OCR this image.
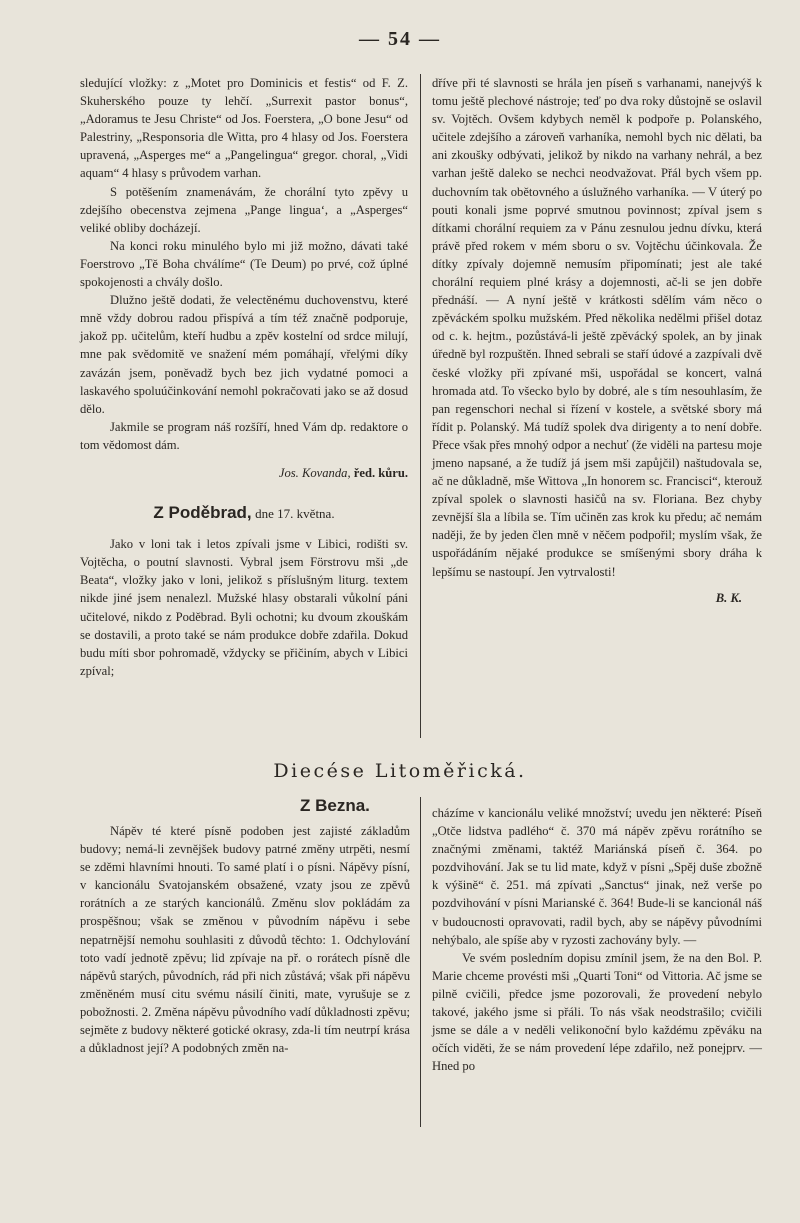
— 54 —

sledující vložky: z „Motet pro Dominicis et festis“ od F. Z. Skuherského pouze ty lehčí. „Surrexit pastor bonus“, „Adoramus te Jesu Christe“ od Jos. Foerstera, „O bone Jesu“ od Palestriny, „Responsoria dle Witta, pro 4 hlasy od Jos. Foerstera upravená, „Asperges me“ a „Pangelingua“ gregor. choral, „Vidi aquam“ 4 hlasy s průvodem varhan.

S potěšením znamenávám, že chorální tyto zpěvy u zdejšího obecenstva zejmena „Pange lingua‘, a „Asperges“ veliké obliby docházejí.

Na konci roku minulého bylo mi již možno, dávati také Foerstrovo „Tě Boha chválíme“ (Te Deum) po prvé, což úplné spokojenosti a chvály došlo.

Dlužno ještě dodati, že velectěnému duchovenstvu, které mně vždy dobrou radou přispívá a tím též značně podporuje, jakož pp. učitelům, kteří hudbu a zpěv kostelní od srdce milují, mne pak svědomitě ve snažení mém pomáhají, vřelými díky zavázán jsem, poněvadž bych bez jich vydatné pomoci a laskavého spoluúčinkování nemohl pokračovati jako se až dosud dělo.

Jakmile se program náš rozšíří, hned Vám dp. redaktore o tom vědomost dám.

Jos. Kovanda, řed. kůru.

Z Poděbrad, dne 17. května.

Jako v loni tak i letos zpívali jsme v Libici, rodišti sv. Vojtěcha, o poutní slavnosti. Vybral jsem Förstrovu mši „de Beata“, vložky jako v loni, jelikož s příslušným liturg. textem nikde jiné jsem nenalezl. Mužské hlasy obstarali vůkolní páni učitelové, nikdo z Poděbrad. Byli ochotni; ku dvoum zkouškám se dostavili, a proto také se nám produkce dobře zdařila. Dokud budu míti sbor pohromadě, vždycky se přičiním, abych v Libici zpíval;

dříve při té slavnosti se hrála jen píseň s varhanami, nanejvýš k tomu ještě plechové nástroje; teď po dva roky důstojně se oslavil sv. Vojtěch. Ovšem kdybych neměl k podpoře p. Polanského, učitele zdejšího a zároveň varhaníka, nemohl bych nic dělati, ba ani zkoušky odbývati, jelikož by nikdo na varhany nehrál, a bez varhan ještě daleko se nechci neodvažovat. Přál bych všem pp. duchovním tak obětovného a úslužného varhaníka. — V úterý po pouti konali jsme poprvé smutnou povinnost; zpíval jsem s dítkami chorální requiem za v Pánu zesnulou jednu dívku, která právě před rokem v mém sboru o sv. Vojtěchu účinkovala. Že dítky zpívaly dojemně nemusím připomínati; jest ale také chorální requiem plné krásy a dojemnosti, ač-li se jen dobře přednáší. — A nyní ještě v krátkosti sdělím vám něco o zpěváckém spolku mužském. Před několika nedělmi přišel dotaz od c. k. hejtm., pozůstává-li ještě zpěvácký spolek, an by jinak úředně byl rozpuštěn. Ihned sebrali se staří údové a zazpívali dvě české vložky při zpívané mši, uspořádal se koncert, valná hromada atd. To všecko bylo by dobré, ale s tím nesouhlasím, že pan regenschori nechal si řízení v kostele, a světské sbory má řídit p. Polanský. Má tudíž spolek dva dirigenty a to není dobře. Přece však přes mnohý odpor a nechuť (že viděli na partesu moje jmeno napsané, a že tudíž já jsem mši zapůjčil) naštudovala se, ač ne důkladně, mše Wittova „In honorem sc. Francisci“, kterouž zpíval spolek o slavnosti hasičů na sv. Floriana. Bez chyby zevnější šla a líbila se. Tím učiněn zas krok ku předu; ač nemám naději, že by jeden člen mně v něčem podpořil; myslím však, že uspořádáním nějaké produkce se smíšenými sbory dráha k lepšímu se nastoupí. Jen vytrvalosti!

B. K.

Diecése Litoměřická.
Z Bezna.

Nápěv té které písně podoben jest zajisté základům budovy; nemá-li zevnějšek budovy patrné změny utrpěti, nesmí se zděmi hlavními hnouti. To samé platí i o písni. Nápěvy písní, v kancionálu Svatojanském obsažené, vzaty jsou ze zpěvů rorátních a ze starých kancionálů. Změnu slov pokládám za prospěšnou; však se změnou v původním nápěvu i sebe nepatrnější nemohu souhlasiti z důvodů těchto: 1. Odchylování toto vadí jednotě zpěvu; lid zpívaje na př. o rorátech písně dle nápěvů starých, původních, rád při nich zůstává; však při nápěvu změněném musí citu svému násilí činiti, mate, vyrušuje se z pobožnosti. 2. Změna nápěvu původního vadí důkladnosti zpěvu; sejměte z budovy některé gotické okrasy, zda-li tím neutrpí krása a důkladnost její? A podobných změn na-

cházíme v kancionálu veliké množství; uvedu jen některé: Píseň „Otče lidstva padlého“ č. 370 má nápěv zpěvu rorátního se značnými změnami, taktéž Mariánská píseň č. 364. po pozdvihování. Jak se tu lid mate, když v písni „Spěj duše zbožně k výšině“ č. 251. má zpívati „Sanctus“ jinak, než verše po pozdvihování v písni Marianské č. 364! Bude-li se kancionál náš v budoucnosti opravovati, radil bych, aby se nápěvy původními nehýbalo, ale spíše aby v ryzosti zachovány byly. —

Ve svém posledním dopisu zmínil jsem, že na den Bol. P. Marie chceme provésti mši „Quarti Toni“ od Vittoria. Ač jsme se pilně cvičili, předce jsme pozorovali, že provedení nebylo takové, jakého jsme si přáli. To nás však neodstrašilo; cvičili jsme se dále a v neděli velikonoční bylo každému zpěváku na očích viděti, že se nám provedení lépe zdařilo, než ponejprv. — Hned po
